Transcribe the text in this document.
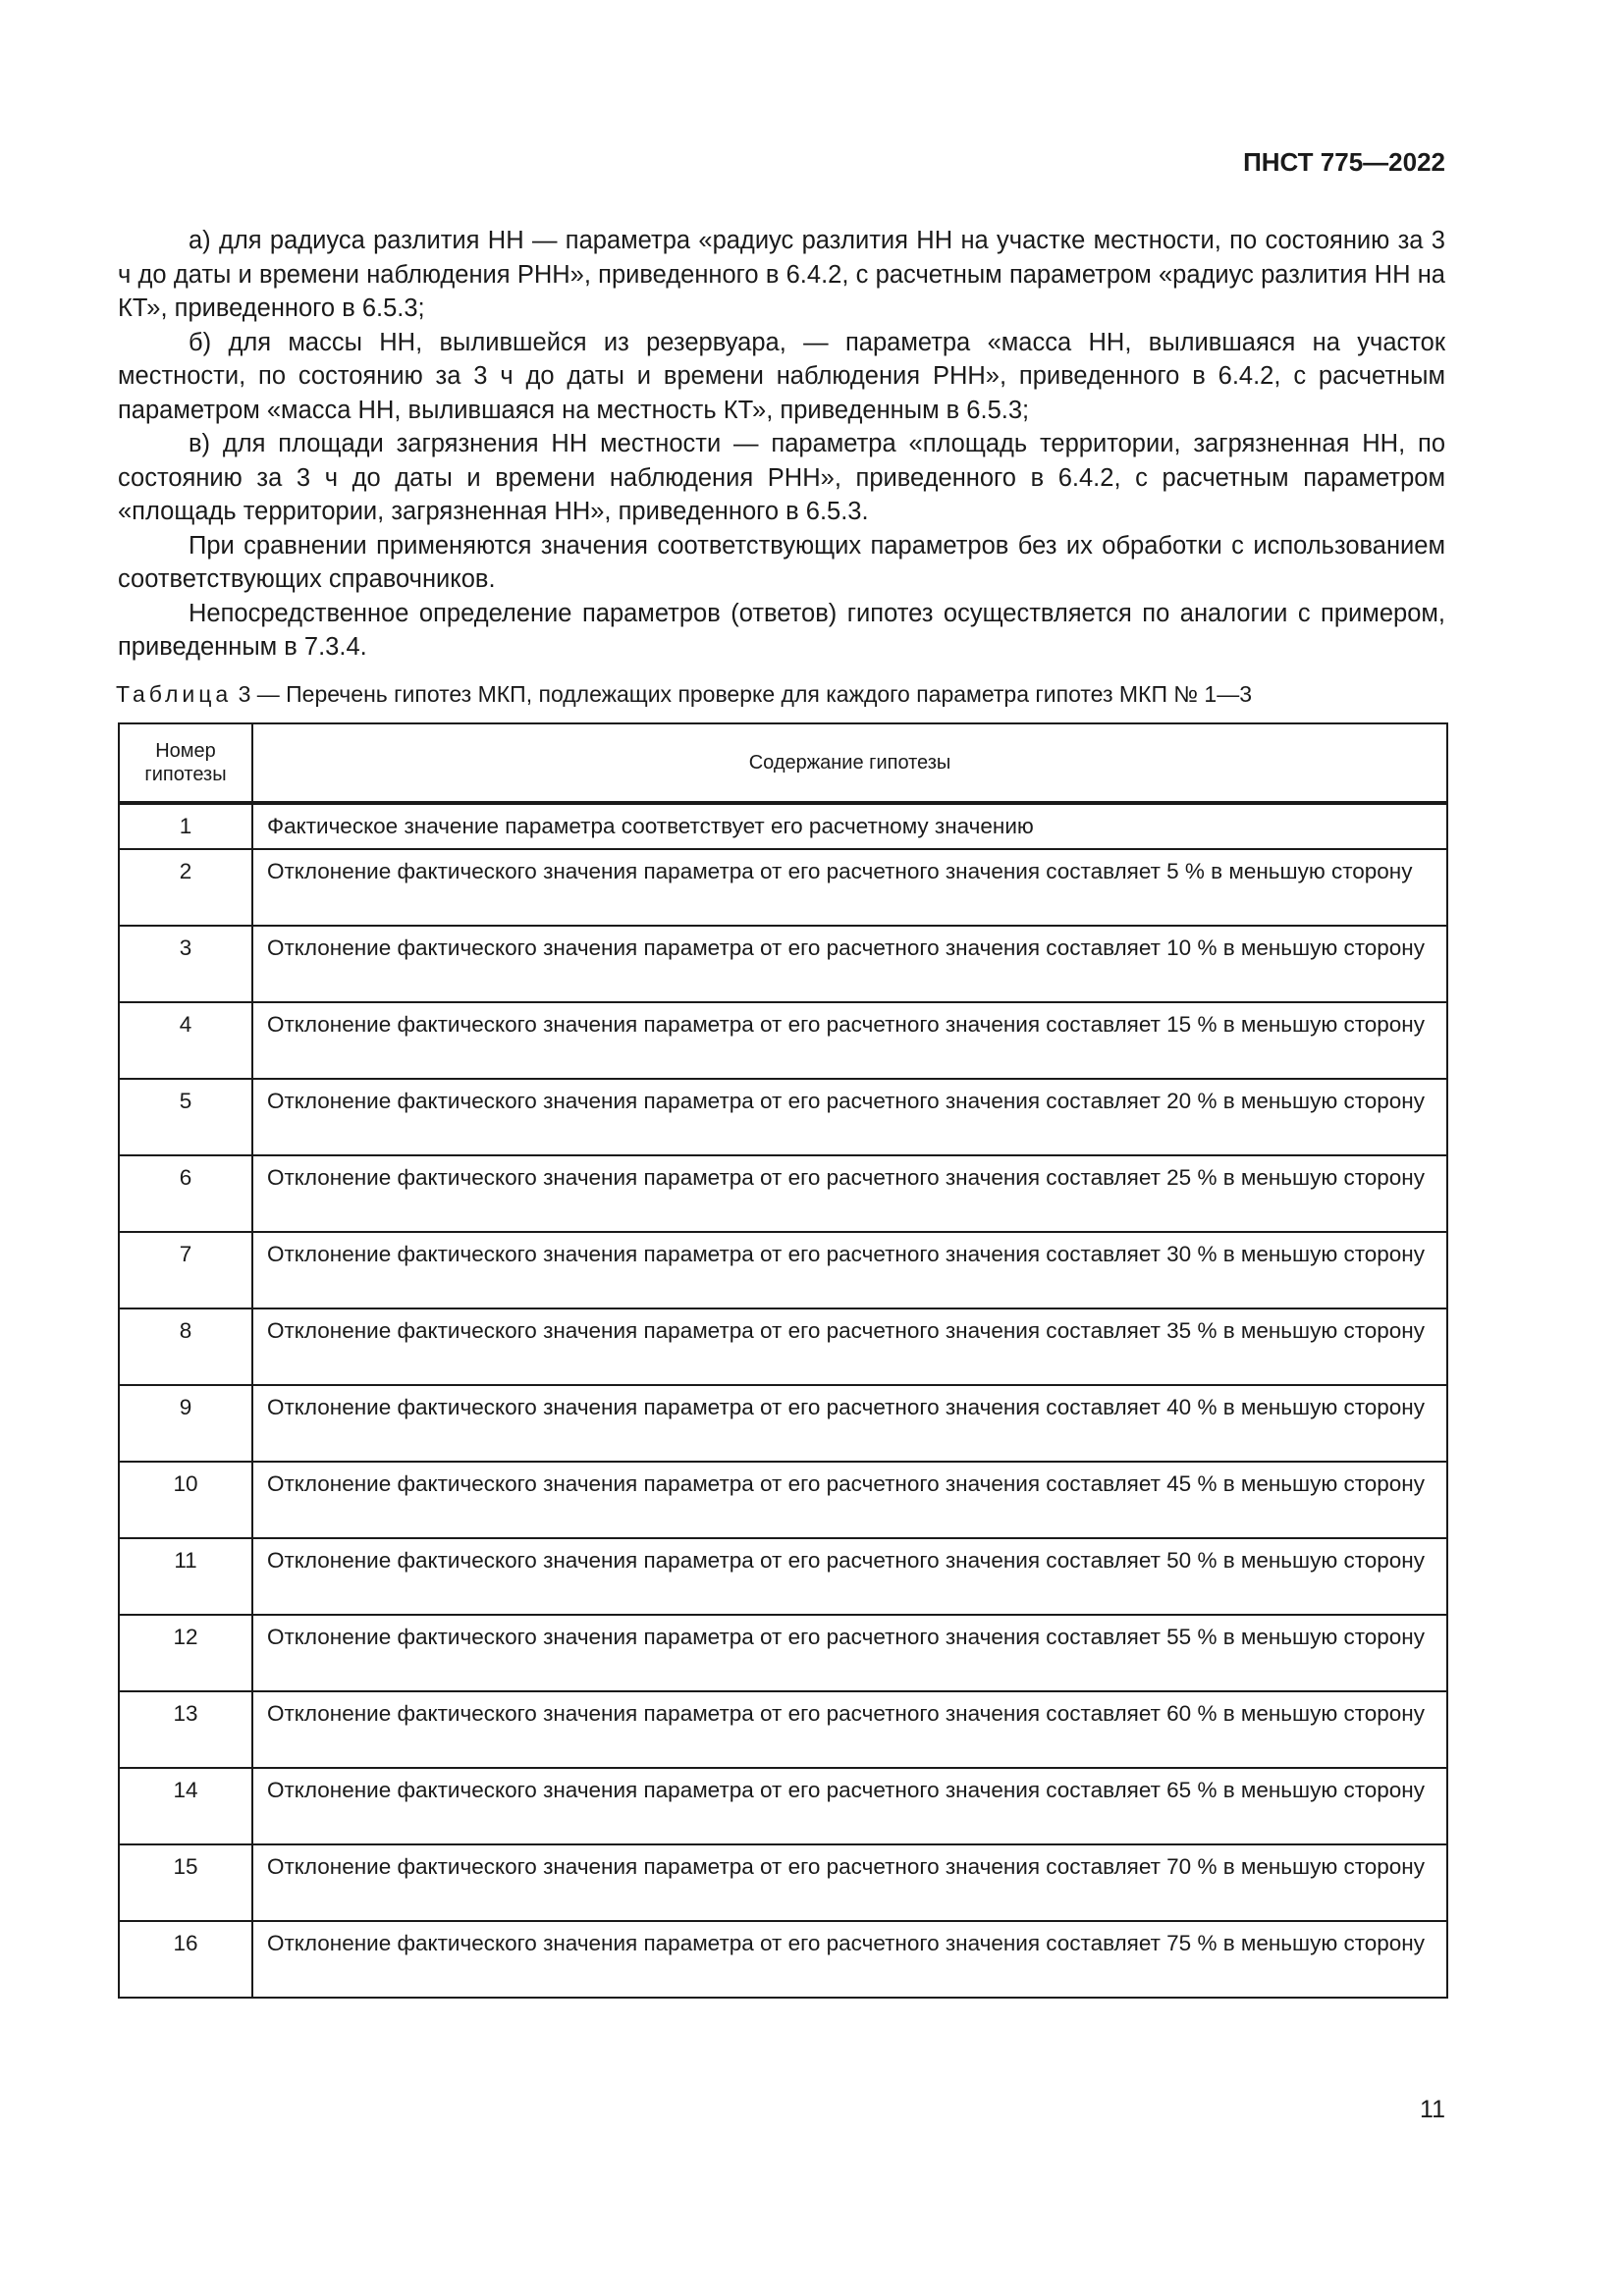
ПНСТ 775—2022

а) для радиуса разлития НН — параметра «радиус разлития НН на участке местности, по состоянию за 3 ч до даты и времени наблюдения РНН», приведенного в 6.4.2, с расчетным параметром «радиус разлития НН на КТ», приведенного в 6.5.3;

б) для массы НН, вылившейся из резервуара, — параметра «масса НН, вылившаяся на участок местности, по состоянию за 3 ч до даты и времени наблюдения РНН», приведенного в 6.4.2, с расчетным параметром «масса НН, вылившаяся на местность КТ», приведенным в 6.5.3;

в) для площади загрязнения НН местности — параметра «площадь территории, загрязненная НН, по состоянию за 3 ч до даты и времени наблюдения РНН», приведенного в 6.4.2, с расчетным параметром «площадь территории, загрязненная НН», приведенного в 6.5.3.

При сравнении применяются значения соответствующих параметров без их обработки с использованием соответствующих справочников.

Непосредственное определение параметров (ответов) гипотез осуществляется по аналогии с примером, приведенным в 7.3.4.

Таблица 3 — Перечень гипотез МКП, подлежащих проверке для каждого параметра гипотез МКП № 1—3
Номер гипотезы	Содержание гипотезы
1	Фактическое значение параметра соответствует его расчетному значению
2	Отклонение фактического значения параметра от его расчетного значения составляет 5 % в меньшую сторону
3	Отклонение фактического значения параметра от его расчетного значения составляет 10 % в меньшую сторону
4	Отклонение фактического значения параметра от его расчетного значения составляет 15 % в меньшую сторону
5	Отклонение фактического значения параметра от его расчетного значения составляет 20 % в меньшую сторону
6	Отклонение фактического значения параметра от его расчетного значения составляет 25 % в меньшую сторону
7	Отклонение фактического значения параметра от его расчетного значения составляет 30 % в меньшую сторону
8	Отклонение фактического значения параметра от его расчетного значения составляет 35 % в меньшую сторону
9	Отклонение фактического значения параметра от его расчетного значения составляет 40 % в меньшую сторону
10	Отклонение фактического значения параметра от его расчетного значения составляет 45 % в меньшую сторону
11	Отклонение фактического значения параметра от его расчетного значения составляет 50 % в меньшую сторону
12	Отклонение фактического значения параметра от его расчетного значения составляет 55 % в меньшую сторону
13	Отклонение фактического значения параметра от его расчетного значения составляет 60 % в меньшую сторону
14	Отклонение фактического значения параметра от его расчетного значения составляет 65 % в меньшую сторону
15	Отклонение фактического значения параметра от его расчетного значения составляет 70 % в меньшую сторону
16	Отклонение фактического значения параметра от его расчетного значения составляет 75 % в меньшую сторону
11
